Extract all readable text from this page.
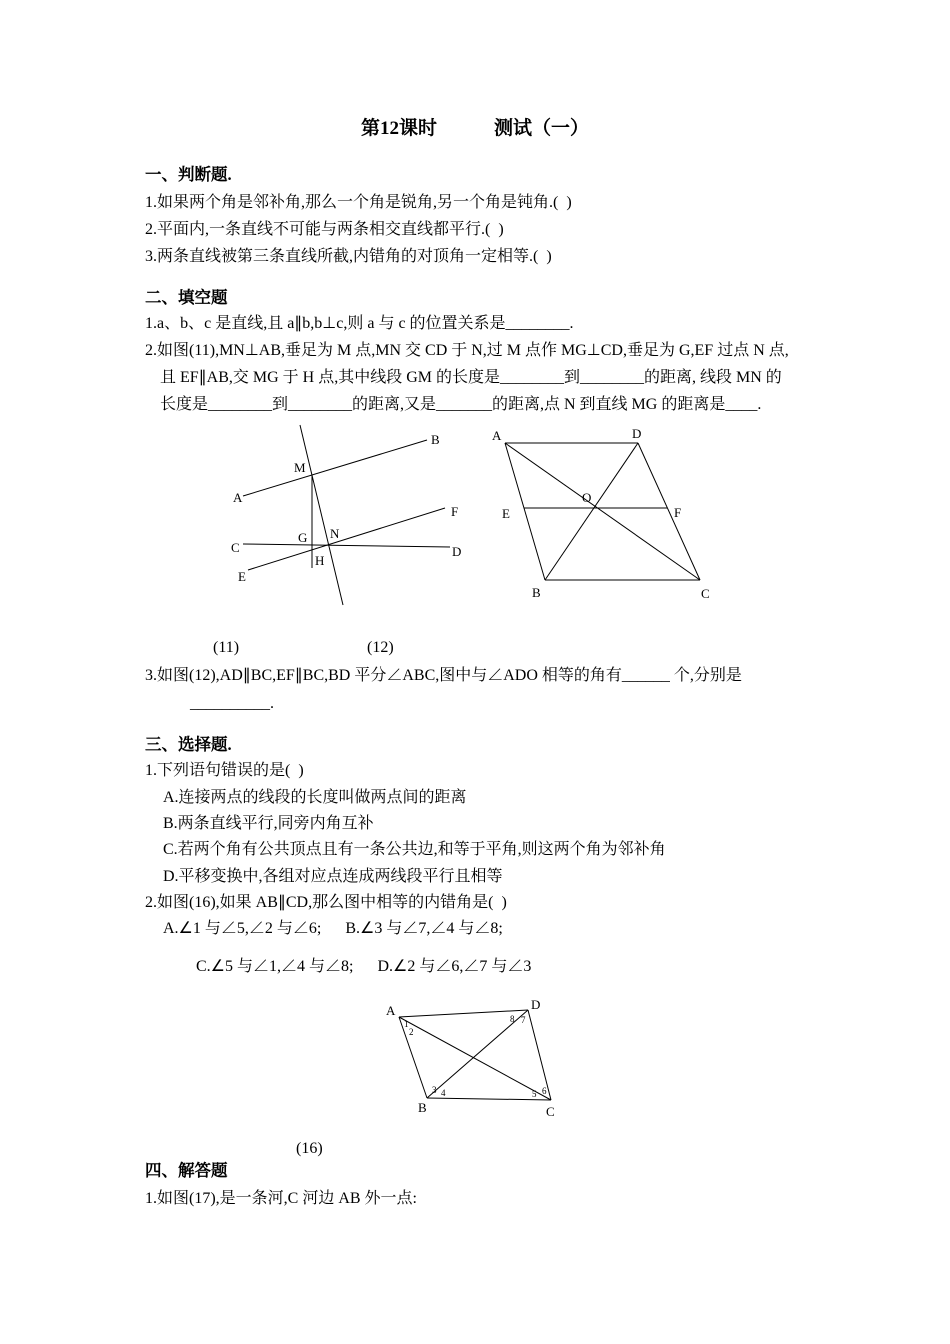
第12课时　　　测试（一）
一、判断题.
1.如果两个角是邻补角,那么一个角是锐角,另一个角是钝角.(  )
2.平面内,一条直线不可能与两条相交直线都平行.(  )
3.两条直线被第三条直线所截,内错角的对顶角一定相等.(  )
二、填空题
1.a、b、c 是直线,且 a∥b,b⊥c,则 a 与 c 的位置关系是________.
2.如图(11),MN⊥AB,垂足为 M 点,MN 交 CD 于 N,过 M 点作 MG⊥CD,垂足为 G,EF 过点 N 点,
且 EF∥AB,交 MG 于 H 点,其中线段 GM 的长度是________到________的距离, 线段 MN 的
长度是________到________的距离,又是_______的距离,点 N 到直线 MG 的距离是____.
A
B
C	D
E
F
G
H
M
N
A	D
E	F
O
B	C
(11)	(12)
3.如图(12),AD∥BC,EF∥BC,BD 平分∠ABC,图中与∠ADO 相等的角有______ 个,分别是
__________.
三、选择题.
1.下列语句错误的是(  )
A.连接两点的线段的长度叫做两点间的距离
B.两条直线平行,同旁内角互补
C.若两个角有公共顶点且有一条公共边,和等于平角,则这两个角为邻补角
D.平移变换中,各组对应点连成两线段平行且相等
2.如图(16),如果 AB∥CD,那么图中相等的内错角是(  )
A.∠1 与∠5,∠2 与∠6;　  B.∠3 与∠7,∠4 与∠8;
C.∠5 与∠1,∠4 与∠8;　  D.∠2 与∠6,∠7 与∠3
A	D
B	C
1
2
3 4	5 6
7
8
(16)
四、解答题
1.如图(17),是一条河,C 河边 AB 外一点:
